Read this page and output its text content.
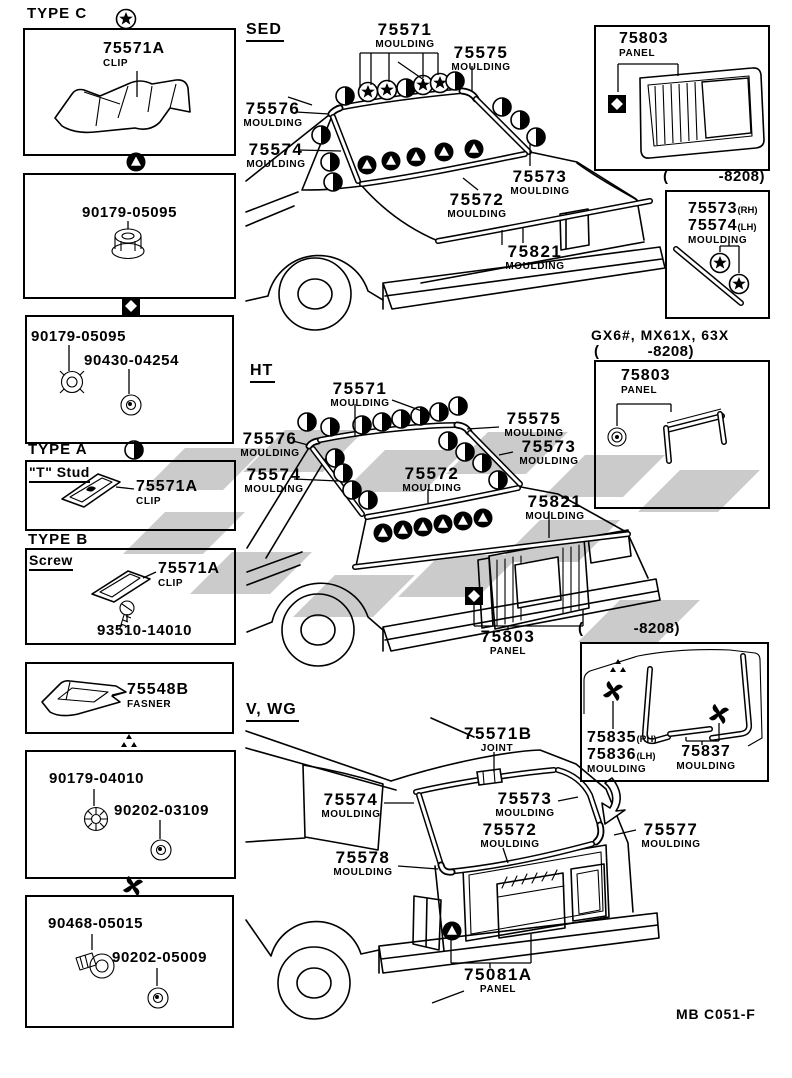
TYPE C
TYPE A
TYPE B
"T" Stud
Screw
SED
HT
V, WG
GX6#, MX61X, 63X
75571A
CLIP
90179-05095
90179-05095
90430-04254
75571A
CLIP
75571A
CLIP
93510-14010
75548B
FASNER
90179-04010
90202-03109
90468-05015
90202-05009
75571
MOULDING	75575
MOULDING
75576
MOULDING
75574
MOULDING
75573
MOULDING
75572
MOULDING
75821
MOULDING
75571
MOULDING
75575
MOULDING
75576
MOULDING	75573
MOULDING
75574
MOULDING
75572
MOULDING
75821
MOULDING
75803
PANEL
75571B
JOINT
75574
MOULDING
75573
MOULDING
75572
MOULDING
75577
MOULDING
75578
MOULDING
75081A
PANEL
75803
PANEL
(	-8208)
75573(RH)
75574(LH)
MOULDING
(	-8208)
75803
PANEL
(	-8208)
75835(RH)
75836(LH)
MOULDING
75837
MOULDING
MB C051-F
